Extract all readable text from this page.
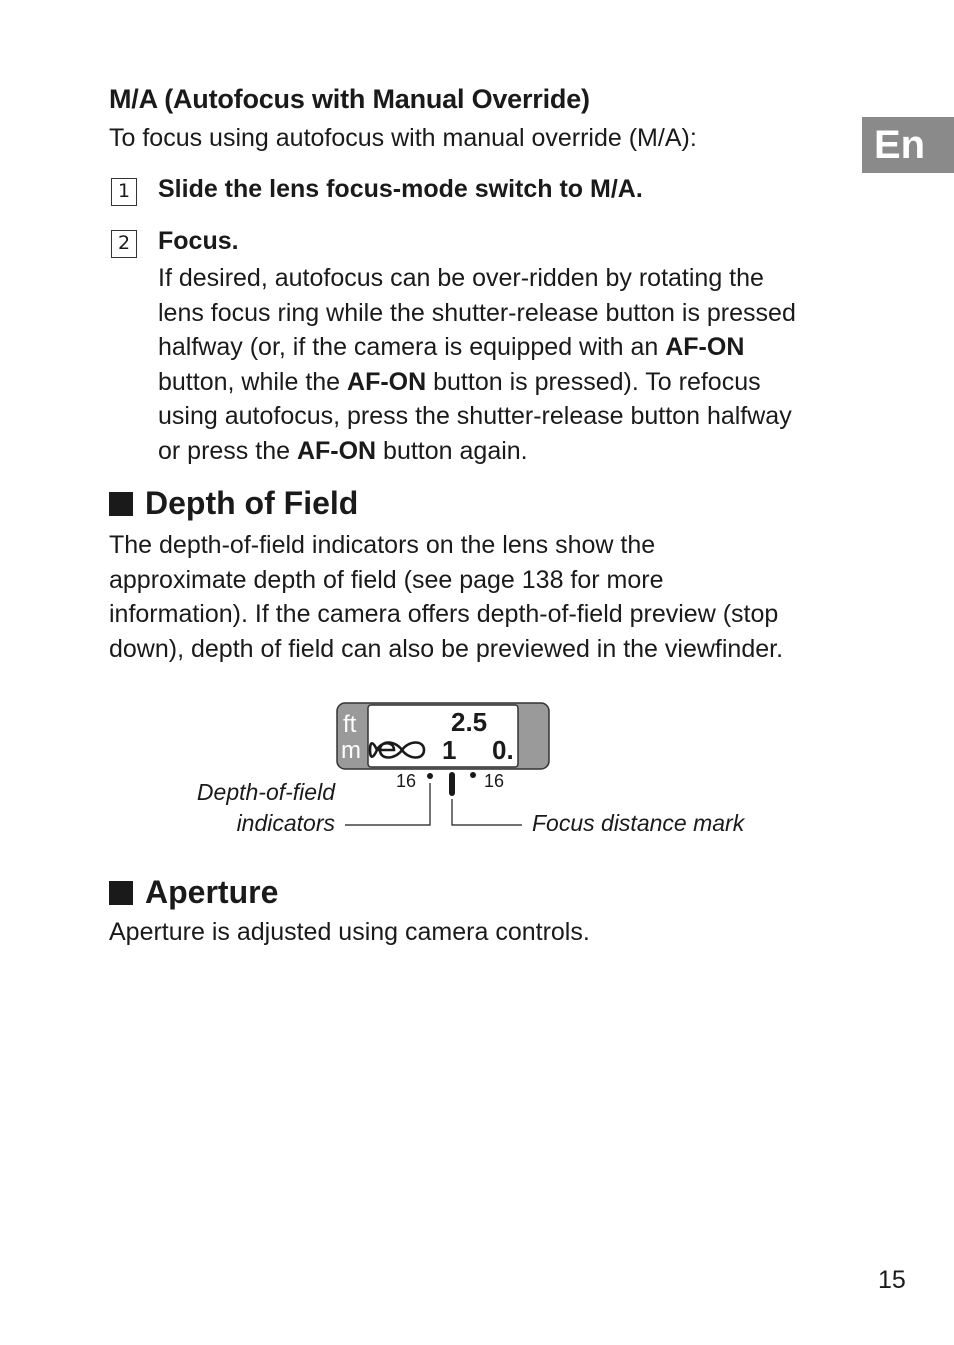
M/A (Autofocus with Manual Override)
To focus using autofocus with manual override (M/A):	En
1 Slide the lens focus-mode switch to M/A.
2 Focus.
If desired, autofocus can be over-ridden by rotating the
lens focus ring while the shutter-release button is pressed
halfway (or, if the camera is equipped with an AF-ON
button, while the AF-ON button is pressed). To refocus
using autofocus, press the shutter-release button halfway
or press the AF-ON button again.
Depth of Field
The depth-of-field indicators on the lens show the
approximate depth of field (see page 138 for more
information). If the camera offers depth-of-field preview (stop
down), depth of field can also be previewed in the viewfinder.
ft
m
2.5
1 0.
16	16
Depth-of-field
indicators	Focus distance mark
Aperture
Aperture is adjusted using camera controls.
15
